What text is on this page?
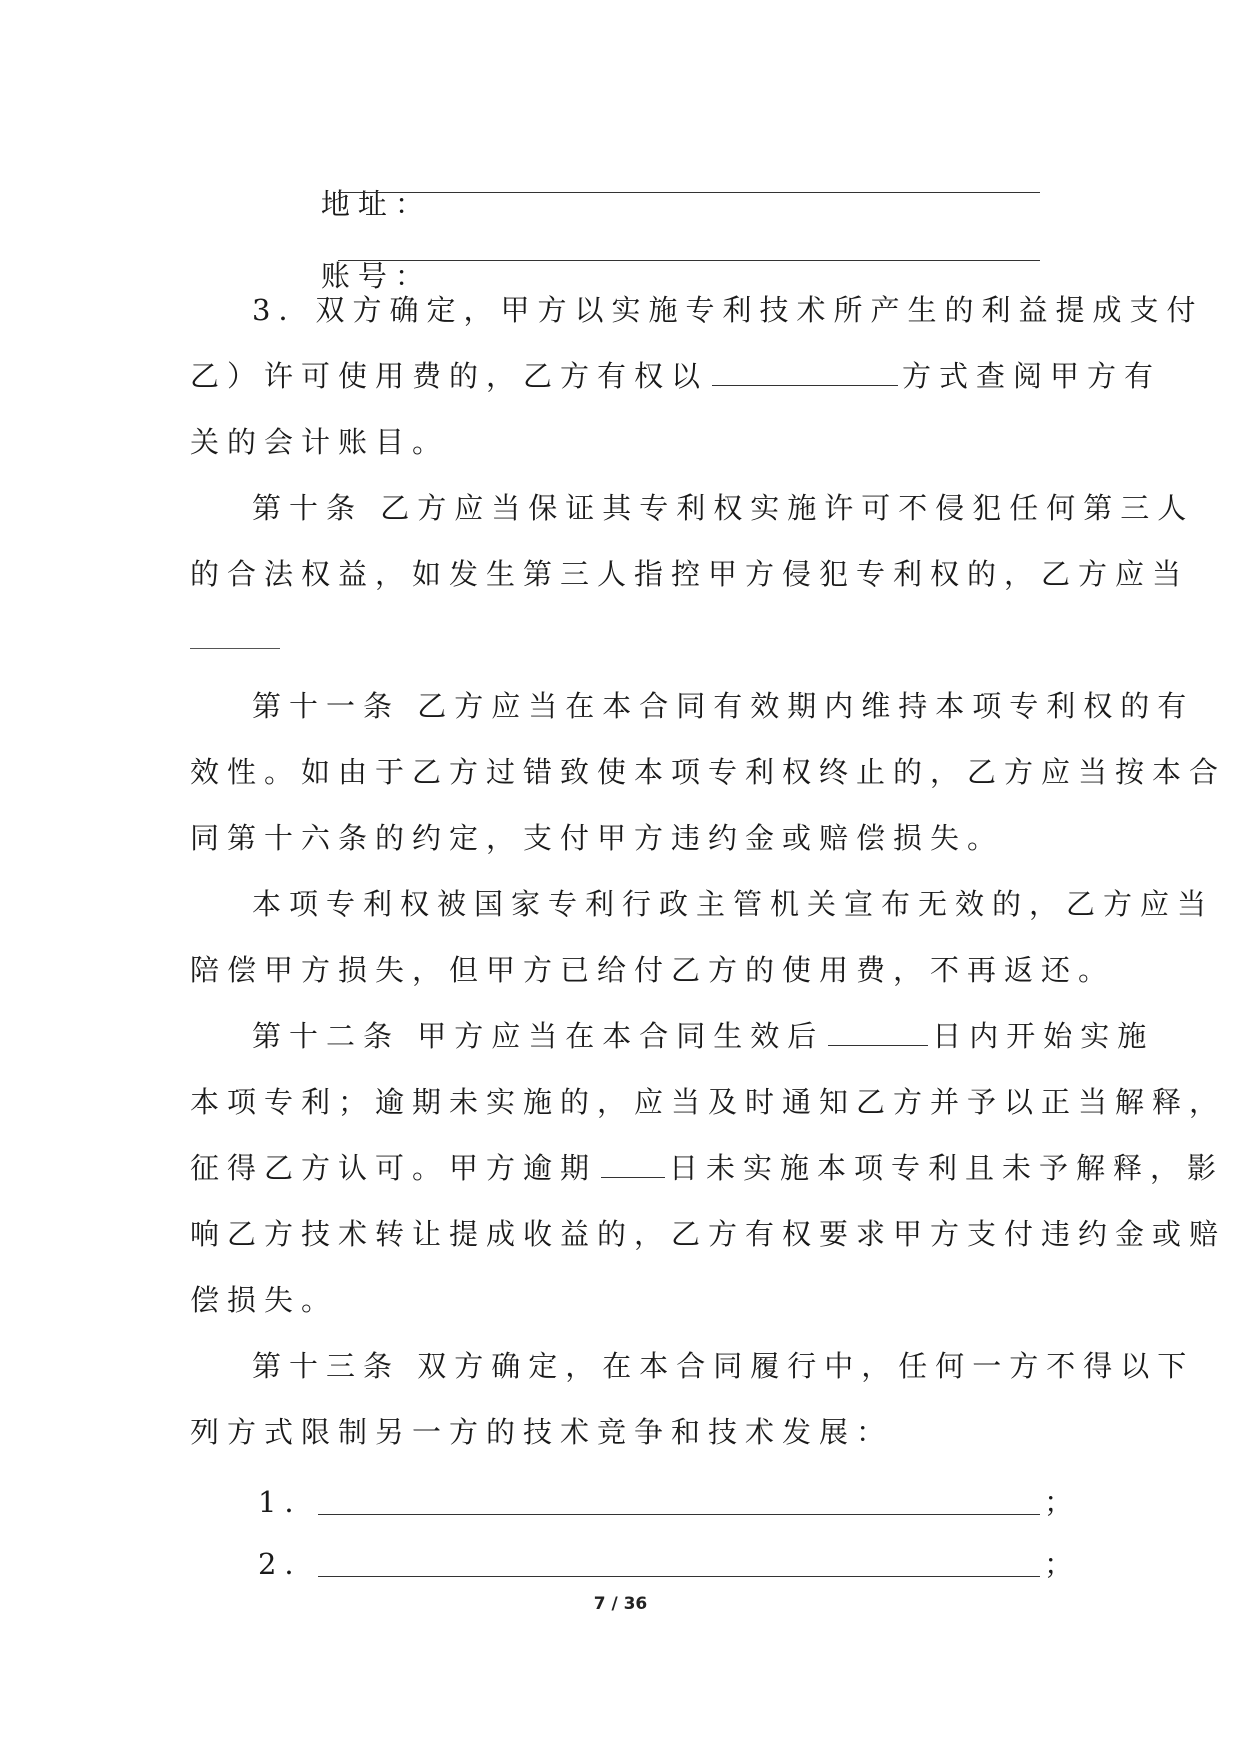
地址：

账号：

3．双方确定，甲方以实施专利技术所产生的利益提成支付
乙）许可使用费的，乙方有权以	方式查阅甲方有
关的会计账目。
第十条 乙方应当保证其专利权实施许可不侵犯任何第三人
的合法权益，如发生第三人指控甲方侵犯专利权的，乙方应当
第十一条 乙方应当在本合同有效期内维持本项专利权的有
效性。如由于乙方过错致使本项专利权终止的，乙方应当按本合
同第十六条的约定，支付甲方违约金或赔偿损失。
本项专利权被国家专利行政主管机关宣布无效的，乙方应当
陪偿甲方损失，但甲方已给付乙方的使用费，不再返还。
第十二条 甲方应当在本合同生效后	日内开始实施
本项专利；逾期未实施的，应当及时通知乙方并予以正当解释，
征得乙方认可。甲方逾期 日未实施本项专利且未予解释，影
响乙方技术转让提成收益的，乙方有权要求甲方支付违约金或赔
偿损失。
第十三条 双方确定，在本合同履行中，任何一方不得以下
列方式限制另一方的技术竞争和技术发展：
1．	；
2．	；
7 / 36
